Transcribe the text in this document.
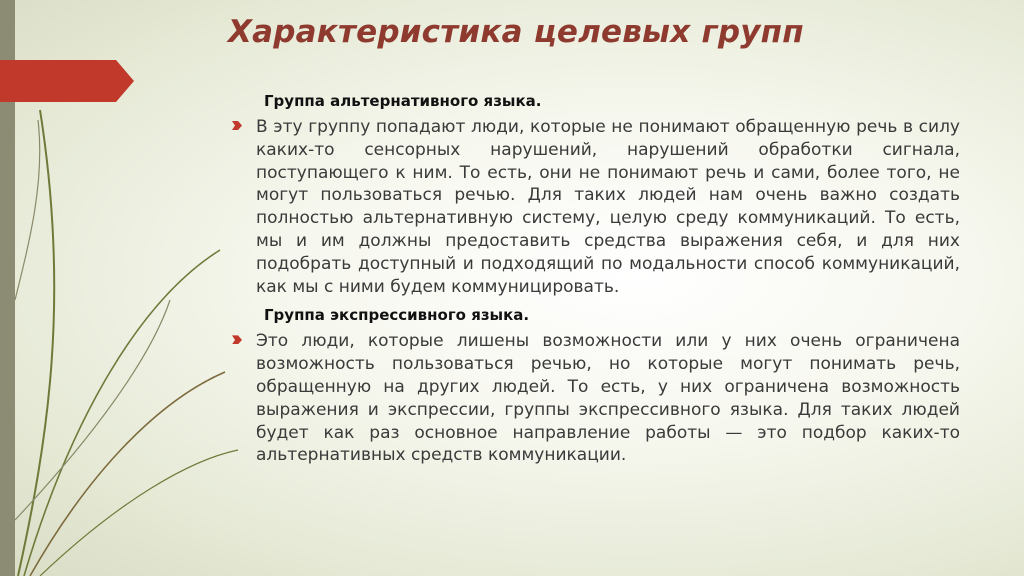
Характеристика целевых групп

Группа альтернативного языка.

В эту группу попадают люди, которые не понимают обращенную речь в силу каких-то сенсорных нарушений, нарушений обработки сигнала, поступающего к ним. То есть, они не понимают речь и сами, более того, не могут пользоваться речью. Для таких людей нам очень важно создать полностью альтернативную систему, целую среду коммуникаций. То есть, мы и им должны предоставить средства выражения себя, и для них подобрать доступный и подходящий по модальности способ коммуникаций, как мы с ними будем коммуницировать.

Группа экспрессивного языка.

Это люди, которые лишены возможности или у них очень ограничена возможность пользоваться речью, но которые могут понимать речь, обращенную на других людей. То есть, у них ограничена возможность выражения и экспрессии, группы экспрессивного языка. Для таких людей будет как раз основное направление работы — это подбор каких-то альтернативных средств коммуникации.
